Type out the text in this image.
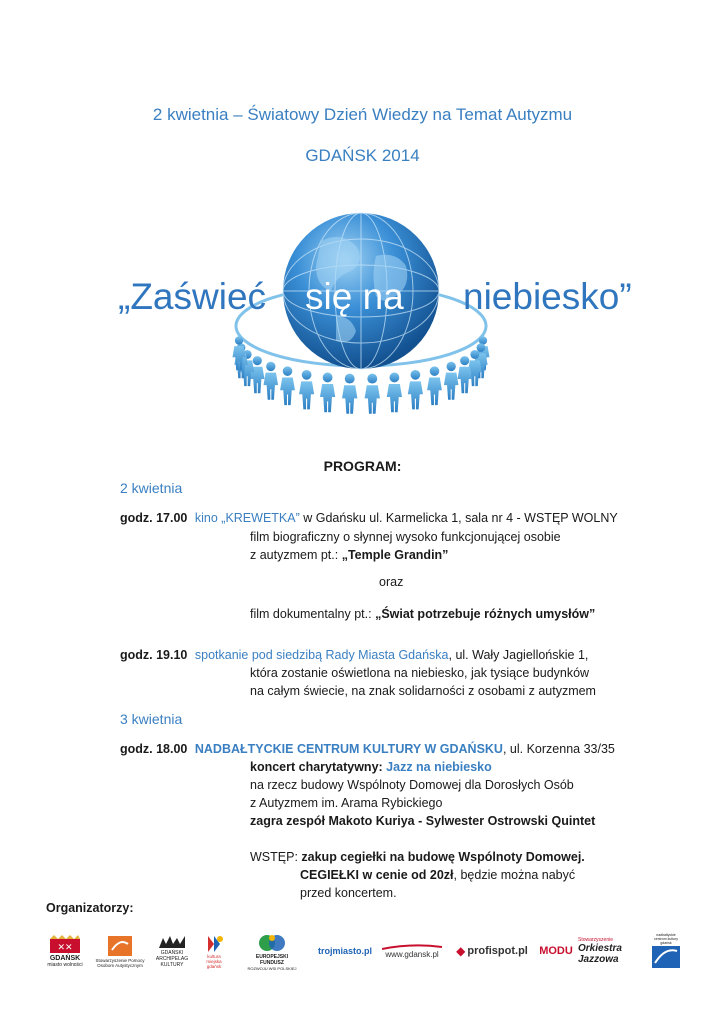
2 kwietnia – Światowy Dzień Wiedzy na Temat Autyzmu
GDAŃSK 2014
„Zaświeć się na niebiesko”
PROGRAM:
2 kwietnia
godz. 17.00 kino „KREWETKA” w Gdańsku ul. Karmelicka 1, sala nr 4 - WSTĘP WOLNY
film biograficzny o słynnej wysoko funkcjonującej osobie
z autyzmem pt.: „Temple Grandin”
oraz
film dokumentalny pt.: „Świat potrzebuje różnych umysłów”
godz. 19.10 spotkanie pod siedzibą Rady Miasta Gdańska, ul. Wały Jagiellońskie 1,
która zostanie oświetlona na niebiesko, jak tysiące budynków
na całym świecie, na znak solidarności z osobami z autyzmem
3 kwietnia
godz. 18.00 NADBAŁTYCKIE CENTRUM KULTURY W GDAŃSKU, ul. Korzenna 33/35
koncert charytatywny: Jazz na niebiesko
na rzecz budowy Wspólnoty Domowej dla Dorosłych Osób
z Autyzmem im. Arama Rybickiego
zagra zespół Makoto Kuriya - Sylwester Ostrowski Quintet
WSTĘP: zakup cegiełki na budowę Wspólnoty Domowej.
CEGIEŁKI w cenie od 20zł, będzie można nabyć
przed koncertem.
Organizatorzy:
✕✕
GDAŃSK
miasto wolności
Stowarzyszenie Pomocy
Osobom Autystycznym
GDAŃSKI
ARCHIPELAG
KULTURY
kultura
miejska
gdańsk
EUROPEJSKI
FUNDUSZ
ROZWOJU WSI POLSKIEJ
trojmiasto.pl www.gdansk.pl ◆ profispot.pl MODU
Stowarzyszenie
Orkiestra
Jazzowa
nadbałtyckie
centrum kultury
gdańsk
